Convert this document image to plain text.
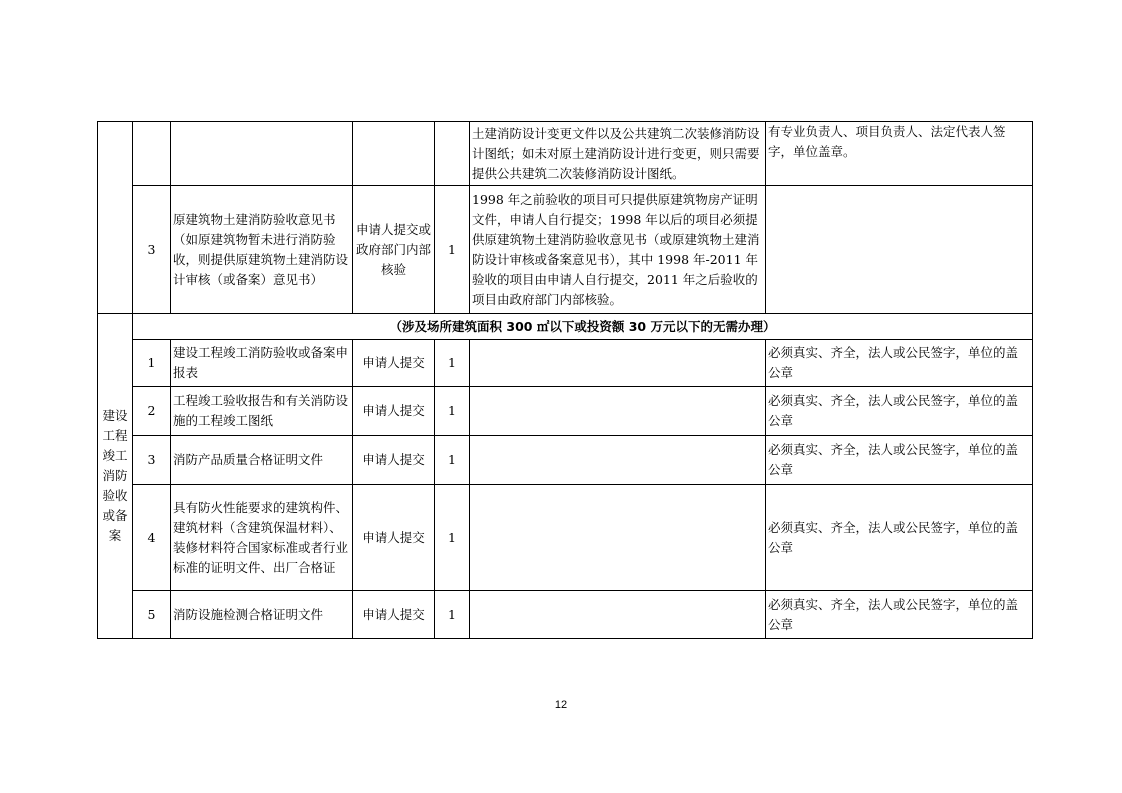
					土建消防设计变更文件以及公共建筑二次装修消防设计图纸；如未对原土建消防设计进行变更，则只需要提供公共建筑二次装修消防设计图纸。	有专业负责人、项目负责人、法定代表人签字，单位盖章。
	3	原建筑物土建消防验收意见书（如原建筑物暂未进行消防验收，则提供原建筑物土建消防设计审核（或备案）意见书）	申请人提交或政府部门内部核验	1	1998 年之前验收的项目可只提供原建筑物房产证明文件，申请人自行提交；1998 年以后的项目必须提供原建筑物土建消防验收意见书（或原建筑物土建消防设计审核或备案意见书），其中 1998 年-2011 年验收的项目由申请人自行提交，2011 年之后验收的项目由政府部门内部核验。	
建设工程竣工消防验收或备案	（涉及场所建筑面积 300 ㎡以下或投资额 30 万元以下的无需办理）					
	1	建设工程竣工消防验收或备案申报表	申请人提交	1		必须真实、齐全，法人或公民签字，单位的盖公章
	2	工程竣工验收报告和有关消防设施的工程竣工图纸	申请人提交	1		必须真实、齐全，法人或公民签字，单位的盖公章
	3	消防产品质量合格证明文件	申请人提交	1		必须真实、齐全，法人或公民签字，单位的盖公章
	4	具有防火性能要求的建筑构件、建筑材料（含建筑保温材料）、装修材料符合国家标准或者行业标准的证明文件、出厂合格证	申请人提交	1		必须真实、齐全，法人或公民签字，单位的盖公章
	5	消防设施检测合格证明文件	申请人提交	1		必须真实、齐全，法人或公民签字，单位的盖公章
12
